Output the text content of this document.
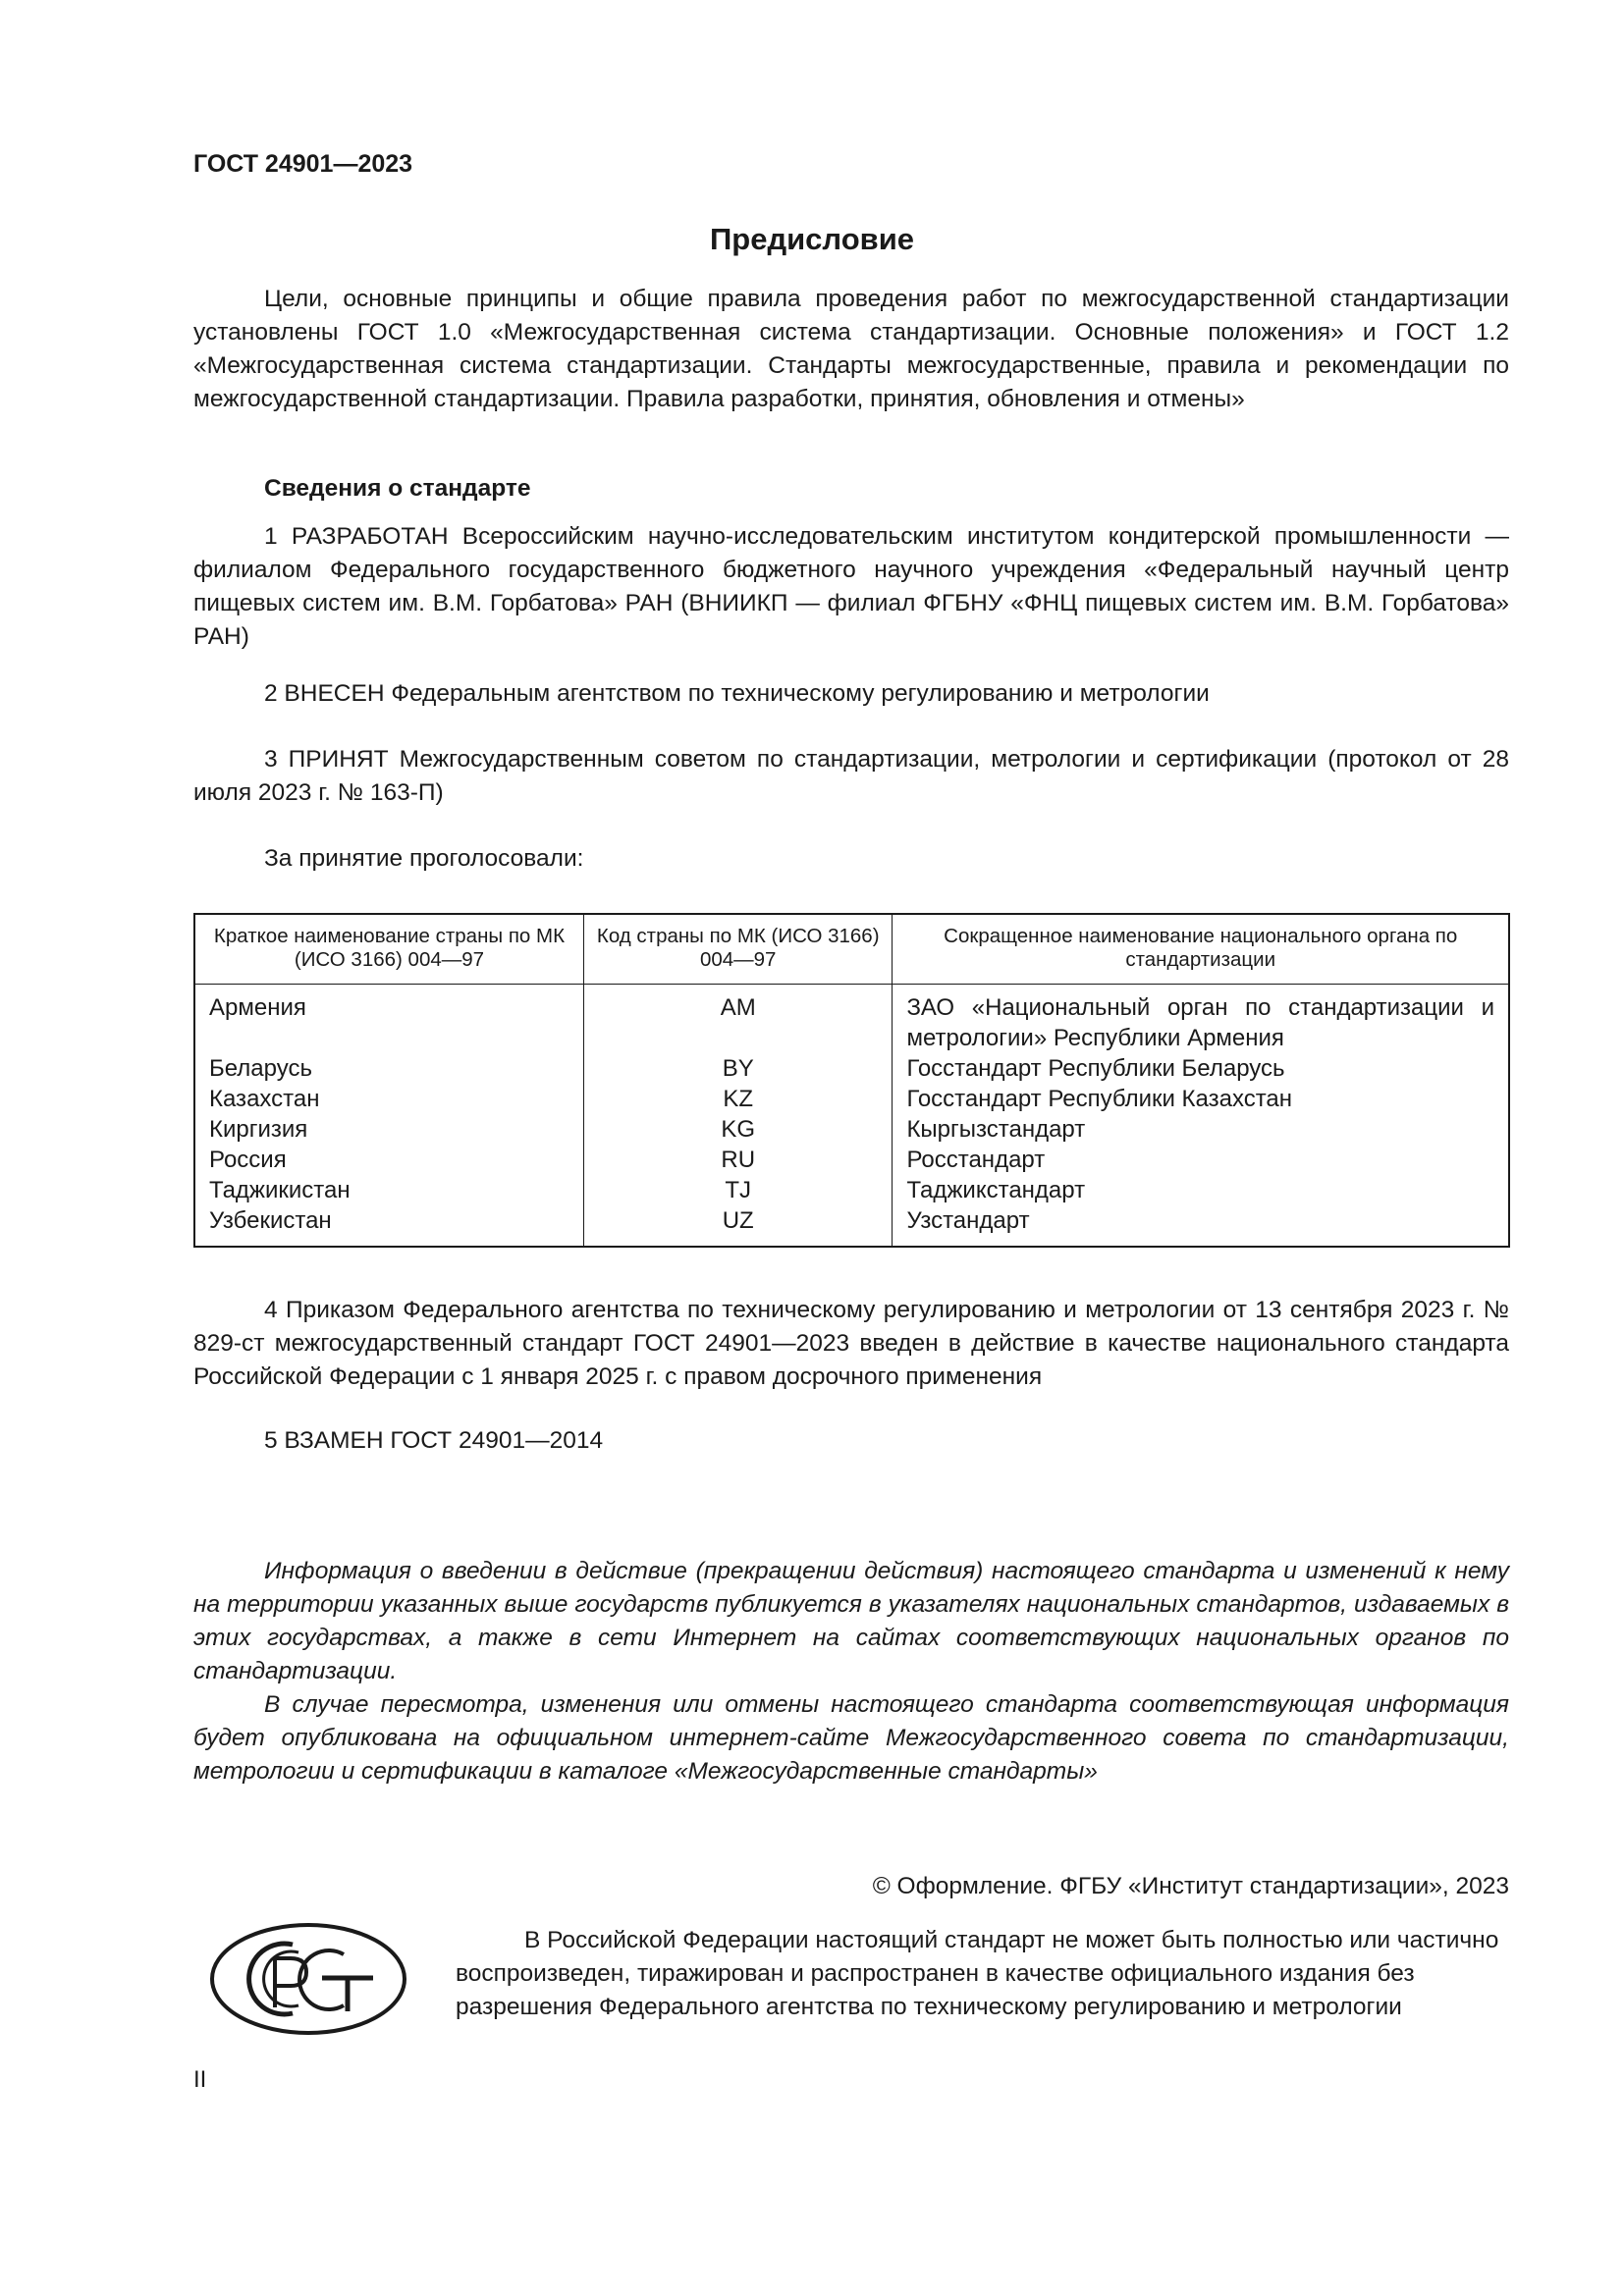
ГОСТ 24901—2023
Предисловие

Цели, основные принципы и общие правила проведения работ по межгосударственной стандартизации установлены ГОСТ 1.0 «Межгосударственная система стандартизации. Основные положения» и ГОСТ 1.2 «Межгосударственная система стандартизации. Стандарты межгосударственные, правила и рекомендации по межгосударственной стандартизации. Правила разработки, принятия, обновления и отмены»

Сведения о стандарте

1 РАЗРАБОТАН Всероссийским научно-исследовательским институтом кондитерской промышленности — филиалом Федерального государственного бюджетного научного учреждения «Федеральный научный центр пищевых систем им. В.М. Горбатова» РАН (ВНИИКП — филиал ФГБНУ «ФНЦ пищевых систем им. В.М. Горбатова» РАН)

2 ВНЕСЕН Федеральным агентством по техническому регулированию и метрологии

3 ПРИНЯТ Межгосударственным советом по стандартизации, метрологии и сертификации (протокол от 28 июля 2023 г. № 163-П)

За принятие проголосовали:

Краткое наименование страны по МК (ИСО 3166) 004—97	Код страны по МК (ИСО 3166) 004—97	Сокращенное наименование национального органа по стандартизации
Армения	AM	ЗАО «Национальный орган по стандартизации и метрологии» Республики Армения
Беларусь	BY	Госстандарт Республики Беларусь
Казахстан	KZ	Госстандарт Республики Казахстан
Киргизия	KG	Кыргызстандарт
Россия	RU	Росстандарт
Таджикистан	TJ	Таджикстандарт
Узбекистан	UZ	Узстандарт

4 Приказом Федерального агентства по техническому регулированию и метрологии от 13 сентября 2023 г. № 829-ст межгосударственный стандарт ГОСТ 24901—2023 введен в действие в качестве национального стандарта Российской Федерации с 1 января 2025 г. с правом досрочного применения

5 ВЗАМЕН ГОСТ 24901—2014

Информация о введении в действие (прекращении действия) настоящего стандарта и изменений к нему на территории указанных выше государств публикуется в указателях национальных стандартов, издаваемых в этих государствах, а также в сети Интернет на сайтах соответствующих национальных органов по стандартизации.

В случае пересмотра, изменения или отмены настоящего стандарта соответствующая информация будет опубликована на официальном интернет-сайте Межгосударственного совета по стандартизации, метрологии и сертификации в каталоге «Межгосударственные стандарты»

© Оформление. ФГБУ «Институт стандартизации», 2023

В Российской Федерации настоящий стандарт не может быть полностью или частично воспроизведен, тиражирован и распространен в качестве официального издания без разрешения Федерального агентства по техническому регулированию и метрологии

II
